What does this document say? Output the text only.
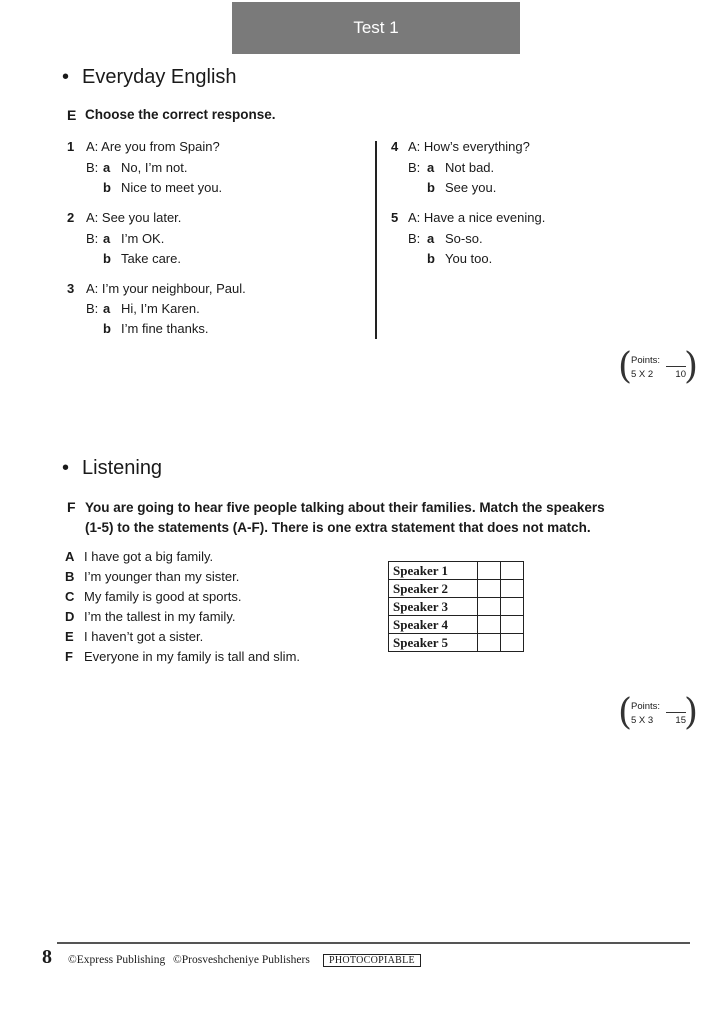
Test 1
• Everyday English
E Choose the correct response.
1 A: Are you from Spain?
B: a No, I’m not.
b Nice to meet you.
2 A: See you later.
B: a I’m OK.
b Take care.
3 A: I’m your neighbour, Paul.
B: a Hi, I’m Karen.
b I’m fine thanks.
4 A: How’s everything?
B: a Not bad.
b See you.
5 A: Have a nice evening.
B: a So-so.
b You too.
(
Points:
5 X 2 10
)
• Listening
F You are going to hear five people talking about their families. Match the speakers
(1-5) to the statements (A-F). There is one extra statement that does not match.
A I have got a big family.
B I’m younger than my sister.
C My family is good at sports.
D I’m the tallest in my family.
E I haven’t got a sister.
F Everyone in my family is tall and slim.
Speaker 1		
Speaker 2		
Speaker 3		
Speaker 4		
Speaker 5		
(
Points:
5 X 3 15
)
8 ©Express Publishing ©Prosveshcheniye Publishers	PHOTOCOPIABLE
